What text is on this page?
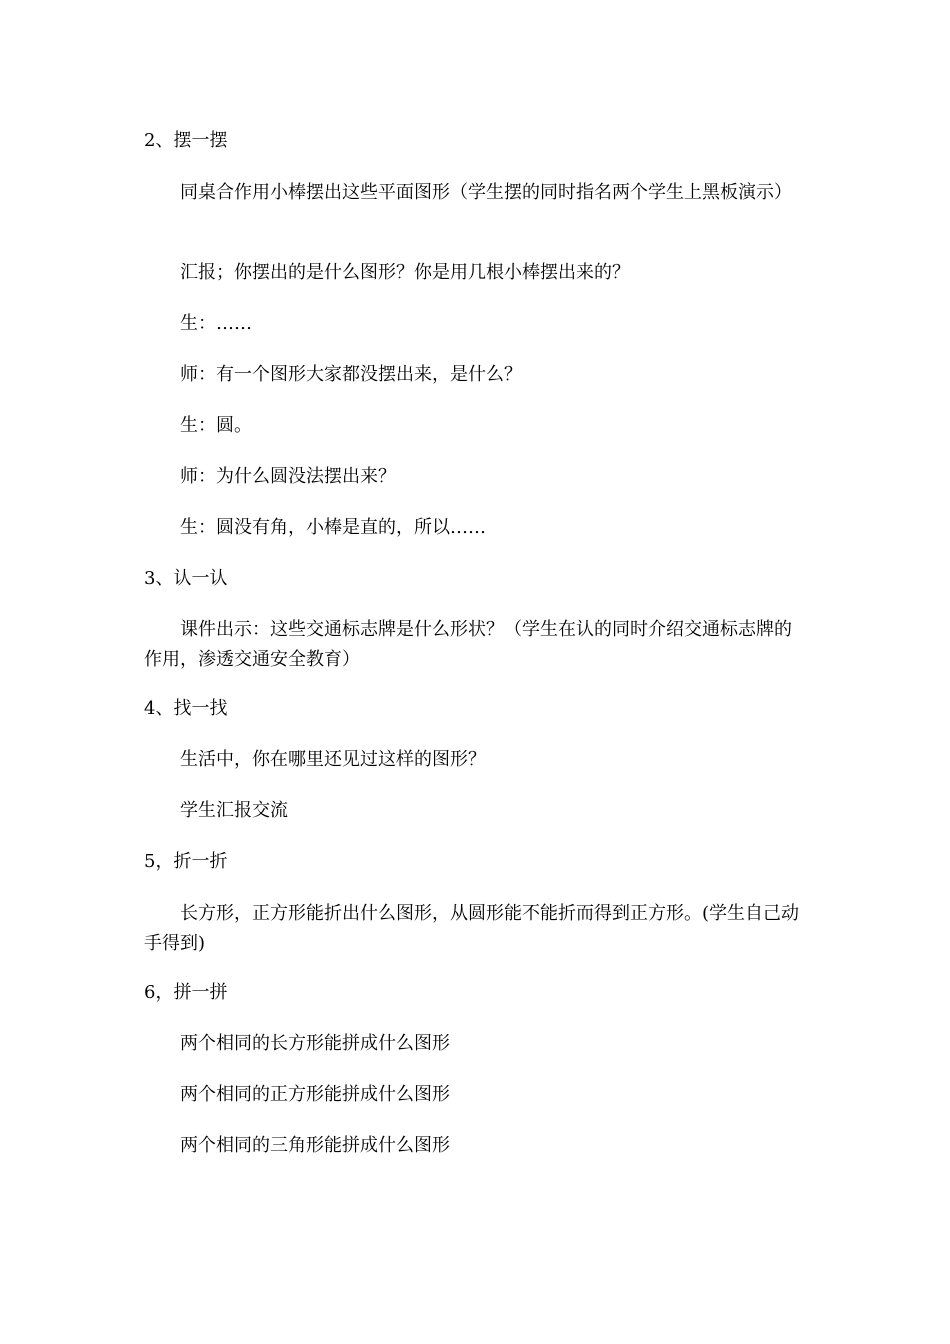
2、摆一摆
同桌合作用小棒摆出这些平面图形（学生摆的同时指名两个学生上黑板演示）
汇报；你摆出的是什么图形？你是用几根小棒摆出来的？
生：……
师：有一个图形大家都没摆出来，是什么？
生：圆。
师：为什么圆没法摆出来？
生：圆没有角，小棒是直的，所以……
3、认一认
课件出示：这些交通标志牌是什么形状？（学生在认的同时介绍交通标志牌的作用，渗透交通安全教育）
4、找一找
生活中，你在哪里还见过这样的图形？
学生汇报交流
5，折一折
长方形，正方形能折出什么图形，从圆形能不能折而得到正方形。(学生自己动手得到)
6，拼一拼
两个相同的长方形能拼成什么图形
两个相同的正方形能拼成什么图形
两个相同的三角形能拼成什么图形
